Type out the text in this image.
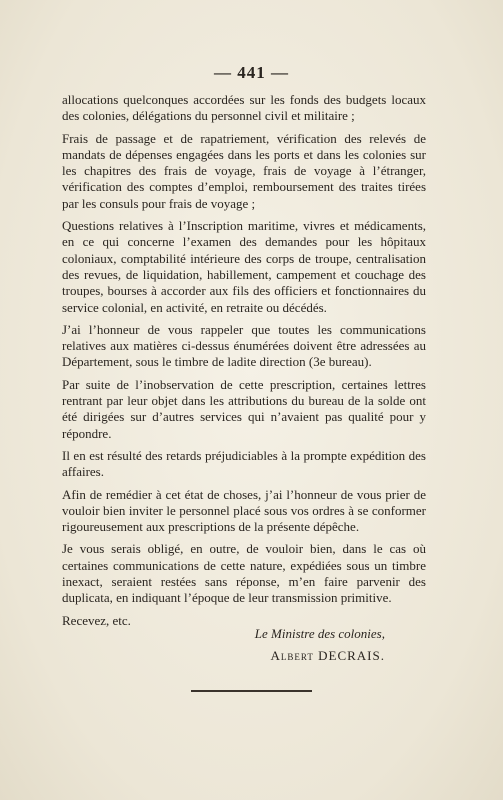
— 441 —

allocations quelconques accordées sur les fonds des budgets locaux des colonies, délégations du personnel civil et militaire ;

Frais de passage et de rapatriement, vérification des relevés de mandats de dépenses engagées dans les ports et dans les colonies sur les chapitres des frais de voyage, frais de voyage à l’étranger, vérification des comptes d’emploi, remboursement des traites tirées par les consuls pour frais de voyage ;

Questions relatives à l’Inscription maritime, vivres et médicaments, en ce qui concerne l’examen des demandes pour les hôpitaux coloniaux, comptabilité intérieure des corps de troupe, centralisation des revues, de liquidation, habillement, campement et couchage des troupes, bourses à accorder aux fils des officiers et fonctionnaires du service colonial, en activité, en retraite ou décédés.

J’ai l’honneur de vous rappeler que toutes les communications relatives aux matières ci-dessus énumérées doivent être adressées au Département, sous le timbre de ladite direction (3e bureau).

Par suite de l’inobservation de cette prescription, certaines lettres rentrant par leur objet dans les attributions du bureau de la solde ont été dirigées sur d’autres services qui n’avaient pas qualité pour y répondre.

Il en est résulté des retards préjudiciables à la prompte expédition des affaires.

Afin de remédier à cet état de choses, j’ai l’honneur de vous prier de vouloir bien inviter le personnel placé sous vos ordres à se conformer rigoureusement aux prescriptions de la présente dépêche.

Je vous serais obligé, en outre, de vouloir bien, dans le cas où certaines communications de cette nature, expédiées sous un timbre inexact, seraient restées sans réponse, m’en faire parvenir des duplicata, en indiquant l’époque de leur transmission primitive.

Recevez, etc.

Le Ministre des colonies,
Albert DECRAIS.
